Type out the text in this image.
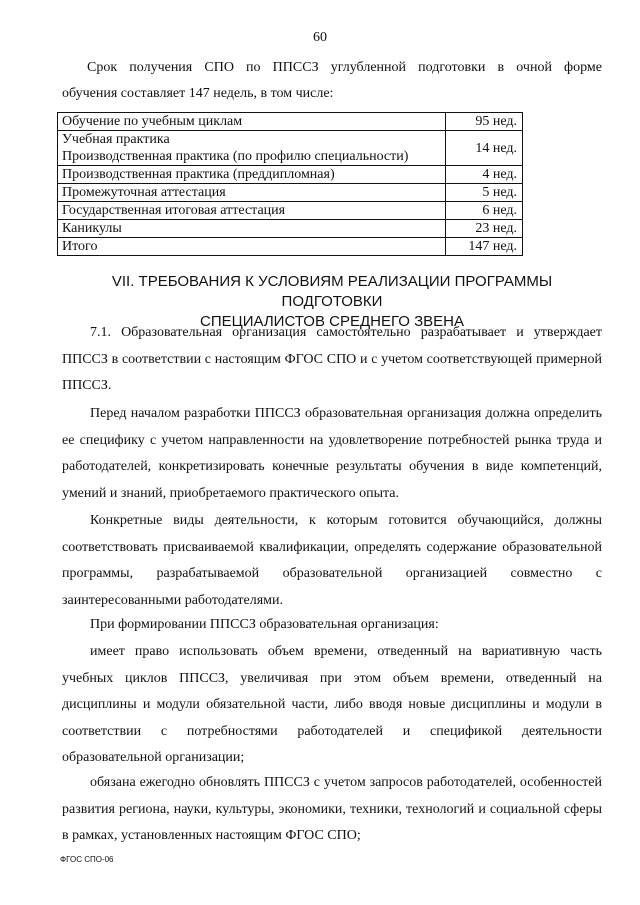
60
Срок получения СПО по ППССЗ углубленной подготовки в очной форме
обучения составляет 147 недель, в том числе:
Обучение по учебным циклам	95 нед.

Учебная практика
Производственная практика (по профилю специальности)	14 нед.
Производственная практика (преддипломная)	4 нед.
Промежуточная аттестация	5 нед.
Государственная итоговая аттестация	6 нед.
Каникулы	23 нед.
Итого	147 нед.
VII. ТРЕБОВАНИЯ К УСЛОВИЯМ РЕАЛИЗАЦИИ ПРОГРАММЫ ПОДГОТОВКИ
СПЕЦИАЛИСТОВ СРЕДНЕГО ЗВЕНА
7.1. Образовательная организация самостоятельно разрабатывает и утверждает ППССЗ в соответствии с настоящим ФГОС СПО и с учетом соответствующей примерной ППССЗ.
Перед началом разработки ППССЗ образовательная организация должна определить ее специфику с учетом направленности на удовлетворение потребностей рынка труда и работодателей, конкретизировать конечные результаты обучения в виде компетенций, умений и знаний, приобретаемого практического опыта.
Конкретные виды деятельности, к которым готовится обучающийся, должны соответствовать присваиваемой квалификации, определять содержание образовательной программы, разрабатываемой образовательной организацией совместно с заинтересованными работодателями.
При формировании ППССЗ образовательная организация:
имеет право использовать объем времени, отведенный на вариативную часть учебных циклов ППССЗ, увеличивая при этом объем времени, отведенный на дисциплины и модули обязательной части, либо вводя новые дисциплины и модули в соответствии с потребностями работодателей и спецификой деятельности образовательной организации;
обязана ежегодно обновлять ППССЗ с учетом запросов работодателей, особенностей развития региона, науки, культуры, экономики, техники, технологий и социальной сферы в рамках, установленных настоящим ФГОС СПО;
ФГОС СПО-06
